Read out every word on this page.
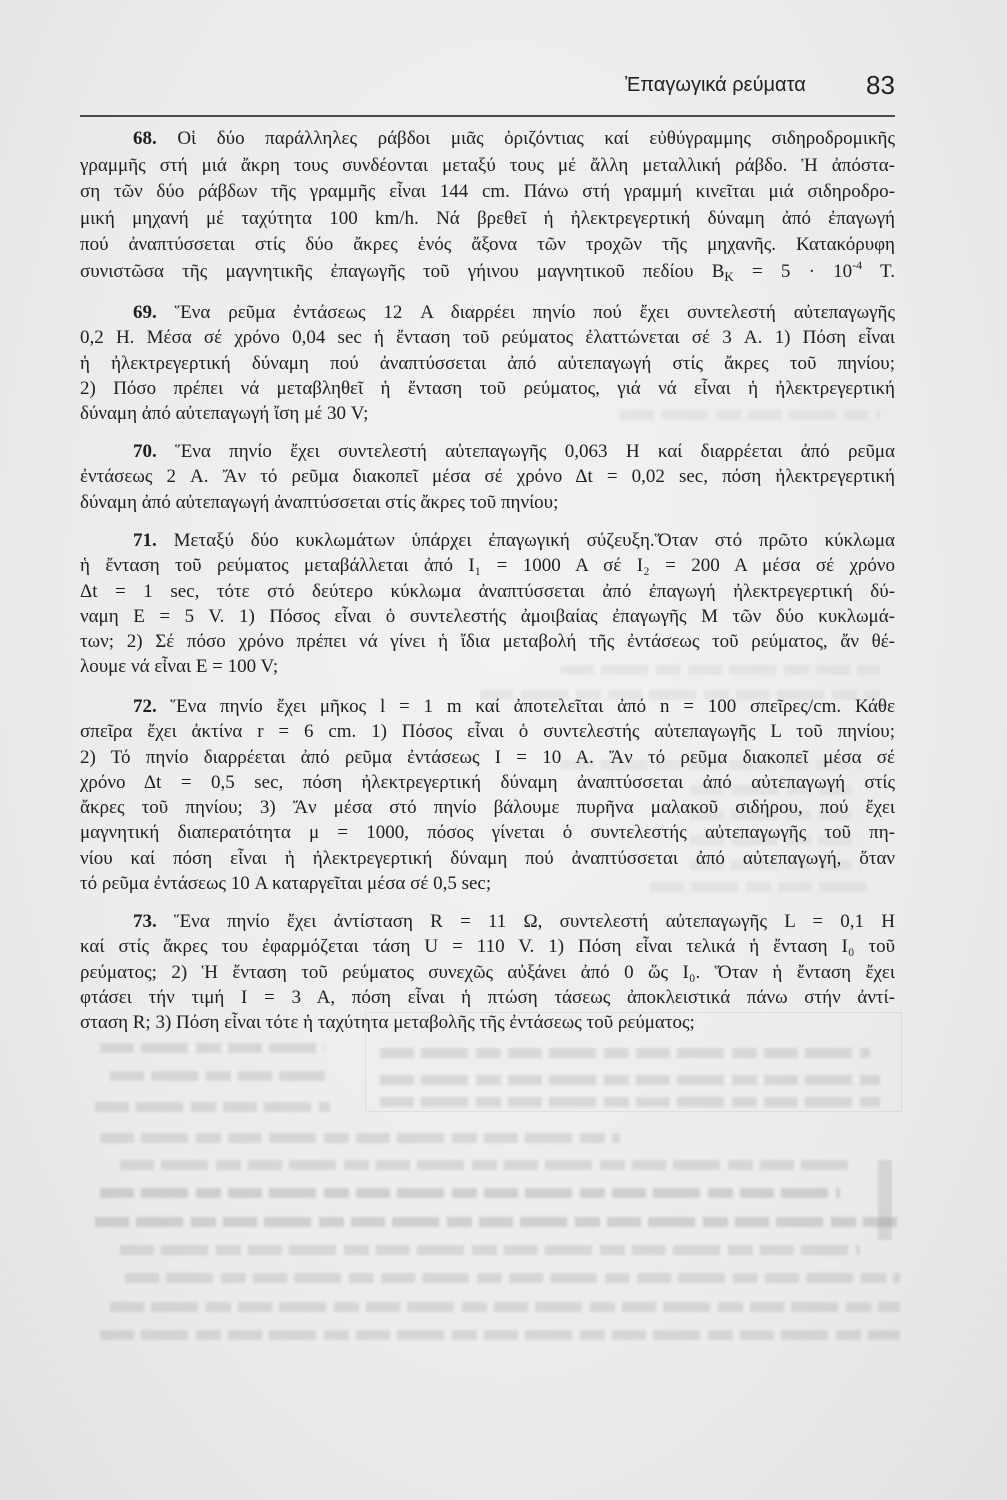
Ἐπαγωγικά ρεύματα 83
68. Οἱ δύο παράλληλες ράβδοι μιᾶς ὁριζόντιας καί εὐθύγραμμης σιδηροδρομικῆς
γραμμῆς στή μιά ἄκρη τους συνδέονται μεταξύ τους μέ ἄλλη μεταλλική ράβδο. Ἡ ἀπόστα-
ση τῶν δύο ράβδων τῆς γραμμῆς εἶναι 144 cm. Πάνω στή γραμμή κινεῖται μιά σιδηροδρο-
μική μηχανή μέ ταχύτητα 100 km/h. Νά βρεθεῖ ἡ ἠλεκτρεγερτική δύναμη ἀπό ἐπαγωγή
πού ἀναπτύσσεται στίς δύο ἄκρες ἑνός ἄξονα τῶν τροχῶν τῆς μηχανῆς. Κατακόρυφη
συνιστῶσα τῆς μαγνητικῆς ἐπαγωγῆς τοῦ γήινου μαγνητικοῦ πεδίου $B_K = 5 \cdot 10^{-4}$ T.
69. Ἕνα ρεῦμα ἐντάσεως 12 A διαρρέει πηνίο πού ἔχει συντελεστή αὐτεπαγωγῆς
0,2 H. Μέσα σέ χρόνο 0,04 sec ἡ ἔνταση τοῦ ρεύματος ἐλαττώνεται σέ 3 A. 1) Πόση εἶναι
ἡ ἠλεκτρεγερτική δύναμη πού ἀναπτύσσεται ἀπό αὐτεπαγωγή στίς ἄκρες τοῦ πηνίου;
2) Πόσο πρέπει νά μεταβληθεῖ ἡ ἔνταση τοῦ ρεύματος, γιά νά εἶναι ἡ ἠλεκτρεγερτική
δύναμη ἀπό αὐτεπαγωγή ἴση μέ 30 V;
70. Ἕνα πηνίο ἔχει συντελεστή αὐτεπαγωγῆς 0,063 H καί διαρρέεται ἀπό ρεῦμα
ἐντάσεως 2 A. Ἄν τό ρεῦμα διακοπεῖ μέσα σέ χρόνο Δt = 0,02 sec, πόση ἠλεκτρεγερτική
δύναμη ἀπό αὐτεπαγωγή ἀναπτύσσεται στίς ἄκρες τοῦ πηνίου;
71. Μεταξύ δύο κυκλωμάτων ὑπάρχει ἐπαγωγική σύζευξη.Ὅταν στό πρῶτο κύκλωμα
ἡ ἔνταση τοῦ ρεύματος μεταβάλλεται ἀπό I₁ = 1000 A σέ I₂ = 200 A μέσα σέ χρόνο
Δt = 1 sec, τότε στό δεύτερο κύκλωμα ἀναπτύσσεται ἀπό ἐπαγωγή ἠλεκτρεγερτική δύ-
ναμη E = 5 V. 1) Πόσος εἶναι ὁ συντελεστής ἀμοιβαίας ἐπαγωγῆς M τῶν δύο κυκλωμά-
των; 2) Σέ πόσο χρόνο πρέπει νά γίνει ἡ ἴδια μεταβολή τῆς ἐντάσεως τοῦ ρεύματος, ἄν θέ-
λουμε νά εἶναι E = 100 V;
72. Ἕνα πηνίο ἔχει μῆκος l = 1 m καί ἀποτελεῖται ἀπό n = 100 σπεῖρες/cm. Κάθε
σπεῖρα ἔχει ἀκτίνα r = 6 cm. 1) Πόσος εἶναι ὁ συντελεστής αὐτεπαγωγῆς L τοῦ πηνίου;
2) Τό πηνίο διαρρέεται ἀπό ρεῦμα ἐντάσεως I = 10 A. Ἄν τό ρεῦμα διακοπεῖ μέσα σέ
χρόνο Δt = 0,5 sec, πόση ἠλεκτρεγερτική δύναμη ἀναπτύσσεται ἀπό αὐτεπαγωγή στίς
ἄκρες τοῦ πηνίου; 3) Ἄν μέσα στό πηνίο βάλουμε πυρῆνα μαλακοῦ σιδήρου, πού ἔχει
μαγνητική διαπερατότητα μ = 1000, πόσος γίνεται ὁ συντελεστής αὐτεπαγωγῆς τοῦ πη-
νίου καί πόση εἶναι ἡ ἠλεκτρεγερτική δύναμη πού ἀναπτύσσεται ἀπό αὐτεπαγωγή, ὅταν
τό ρεῦμα ἐντάσεως 10 A καταργεῖται μέσα σέ 0,5 sec;
73. Ἕνα πηνίο ἔχει ἀντίσταση R = 11 Ω, συντελεστή αὐτεπαγωγῆς L = 0,1 H
καί στίς ἄκρες του ἐφαρμόζεται τάση U = 110 V. 1) Πόση εἶναι τελικά ἡ ἔνταση I₀ τοῦ
ρεύματος; 2) Ἡ ἔνταση τοῦ ρεύματος συνεχῶς αὐξάνει ἀπό 0 ὥς I₀. Ὅταν ἡ ἔνταση ἔχει
φτάσει τήν τιμή I = 3 A, πόση εἶναι ἡ πτώση τάσεως ἀποκλειστικά πάνω στήν ἀντί-
σταση R; 3) Πόση εἶναι τότε ἡ ταχύτητα μεταβολῆς τῆς ἐντάσεως τοῦ ρεύματος;
